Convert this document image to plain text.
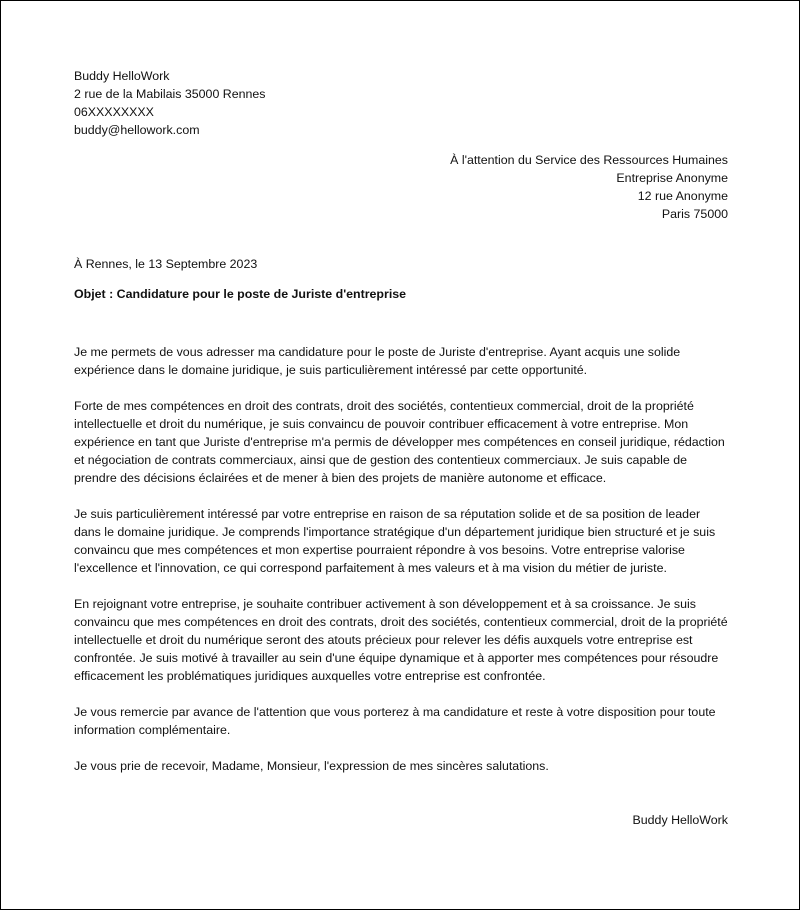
Buddy HelloWork
2 rue de la Mabilais 35000 Rennes
06XXXXXXXX
buddy@hellowork.com
À l'attention du Service des Ressources Humaines
Entreprise Anonyme
12 rue Anonyme
Paris 75000
À Rennes, le 13 Septembre 2023
Objet : Candidature pour le poste de Juriste d'entreprise

Je me permets de vous adresser ma candidature pour le poste de Juriste d'entreprise. Ayant acquis une solide expérience dans le domaine juridique, je suis particulièrement intéressé par cette opportunité.

Forte de mes compétences en droit des contrats, droit des sociétés, contentieux commercial, droit de la propriété intellectuelle et droit du numérique, je suis convaincu de pouvoir contribuer efficacement à votre entreprise. Mon expérience en tant que Juriste d'entreprise m'a permis de développer mes compétences en conseil juridique, rédaction et négociation de contrats commerciaux, ainsi que de gestion des contentieux commerciaux. Je suis capable de prendre des décisions éclairées et de mener à bien des projets de manière autonome et efficace.

Je suis particulièrement intéressé par votre entreprise en raison de sa réputation solide et de sa position de leader dans le domaine juridique. Je comprends l'importance stratégique d'un département juridique bien structuré et je suis convaincu que mes compétences et mon expertise pourraient répondre à vos besoins. Votre entreprise valorise l'excellence et l'innovation, ce qui correspond parfaitement à mes valeurs et à ma vision du métier de juriste.

En rejoignant votre entreprise, je souhaite contribuer activement à son développement et à sa croissance. Je suis convaincu que mes compétences en droit des contrats, droit des sociétés, contentieux commercial, droit de la propriété intellectuelle et droit du numérique seront des atouts précieux pour relever les défis auxquels votre entreprise est confrontée. Je suis motivé à travailler au sein d'une équipe dynamique et à apporter mes compétences pour résoudre efficacement les problématiques juridiques auxquelles votre entreprise est confrontée.

Je vous remercie par avance de l'attention que vous porterez à ma candidature et reste à votre disposition pour toute information complémentaire.

Je vous prie de recevoir, Madame, Monsieur, l'expression de mes sincères salutations.

Buddy HelloWork
